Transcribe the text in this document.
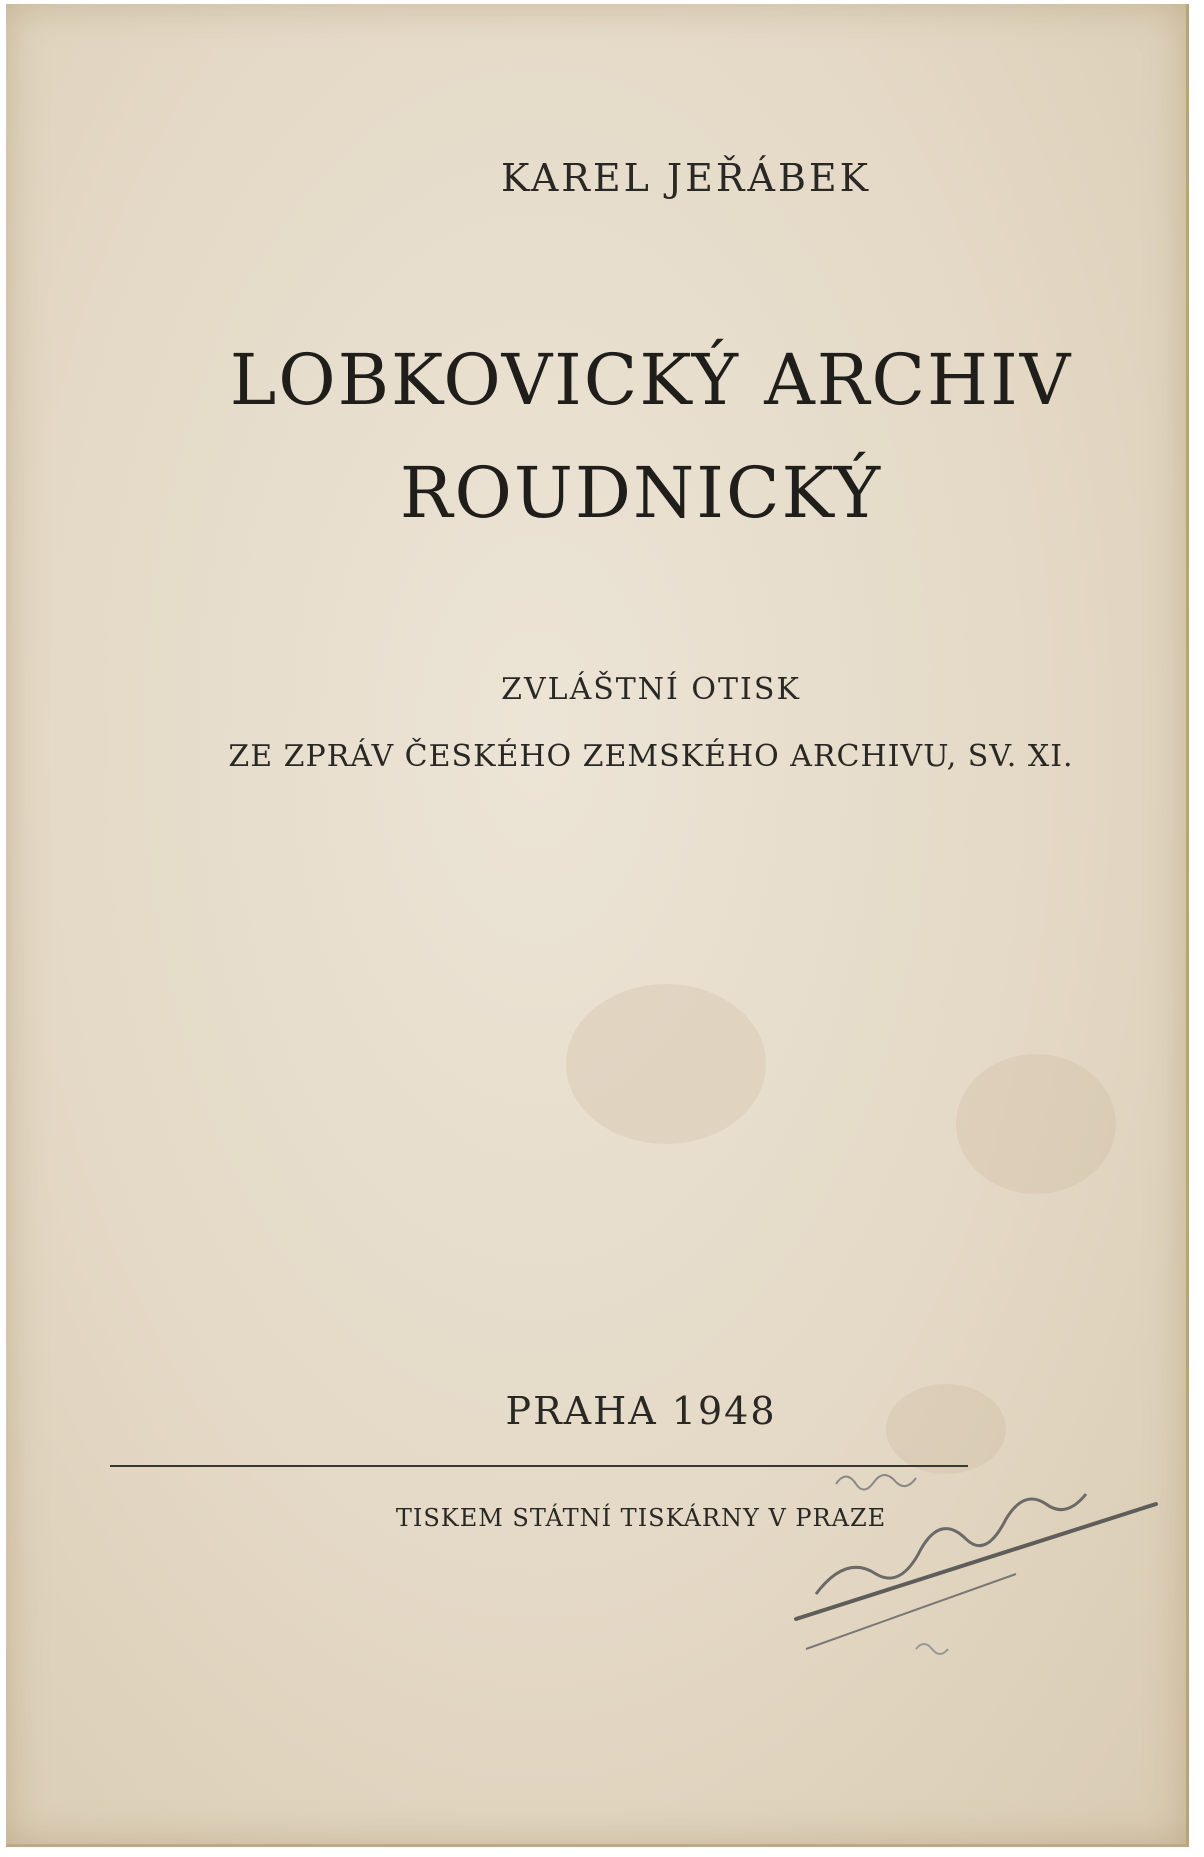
KAREL JEŘÁBEK
LOBKOVICKÝ ARCHIV
ROUDNICKÝ
ZVLÁŠTNÍ OTISK
ZE ZPRÁV ČESKÉHO ZEMSKÉHO ARCHIVU, SV. XI.
PRAHA 1948
TISKEM STÁTNÍ TISKÁRNY V PRAZE
